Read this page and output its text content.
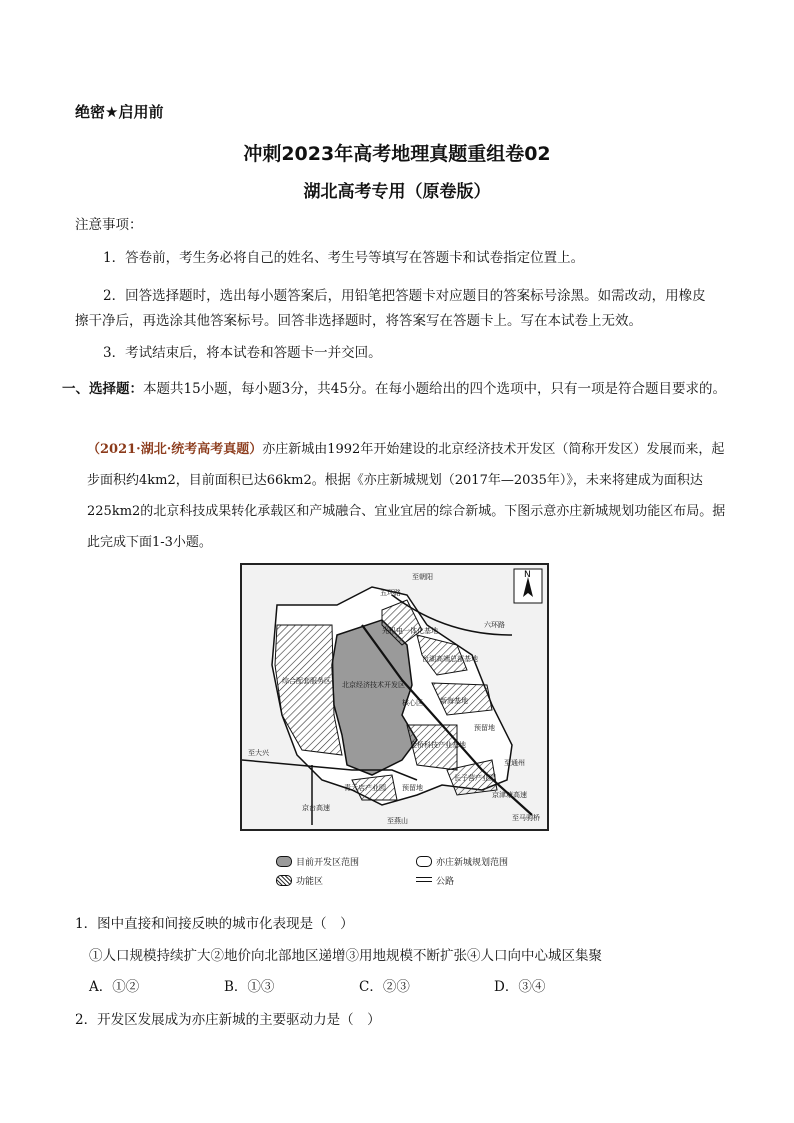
绝密★启用前
冲刺2023年高考地理真题重组卷02
湖北高考专用（原卷版）
注意事项：
1．答卷前，考生务必将自己的姓名、考生号等填写在答题卡和试卷指定位置上。
2．回答选择题时，选出每小题答案后，用铅笔把答题卡对应题目的答案标号涂黑。如需改动，用橡皮
擦干净后，再选涂其他答案标号。回答非选择题时，将答案写在答题卡上。写在本试卷上无效。
3．考试结束后，将本试卷和答题卡一并交回。
一、选择题：本题共15小题，每小题3分，共45分。在每小题给出的四个选项中，只有一项是符合题目要求的。
（2021·湖北·统考高考真题）亦庄新城由1992年开始建设的北京经济技术开发区（简称开发区）发展而来，起步面积约4km2，目前面积已达66km2。根据《亦庄新城规划（2017年—2035年）》，未来将建成为面积达225km2的北京科技成果转化承载区和产城融合、宜业宜居的综合新城。下图示意亦庄新城规划功能区布局。据此完成下面1-3小题。
N
至朝阳
五环路
六环路
光机电一体化基地
台湖高端总部基地
综合配套服务区 北京经济技术开发区
新海基地
核心区
预留地
金桥科技产业基地
至大兴
青云店产业园
长子营产业园
预留地
京津塘高速
京台高速
至通州
至燕山	至马驹桥
目前开发区范围	亦庄新城规划范围
功能区	公路
1．图中直接和间接反映的城市化表现是（　）
①人口规模持续扩大②地价向北部地区递增③用地规模不断扩张④人口向中心城区集聚
A．①②	B．①③	C．②③	D．③④
2．开发区发展成为亦庄新城的主要驱动力是（　）
